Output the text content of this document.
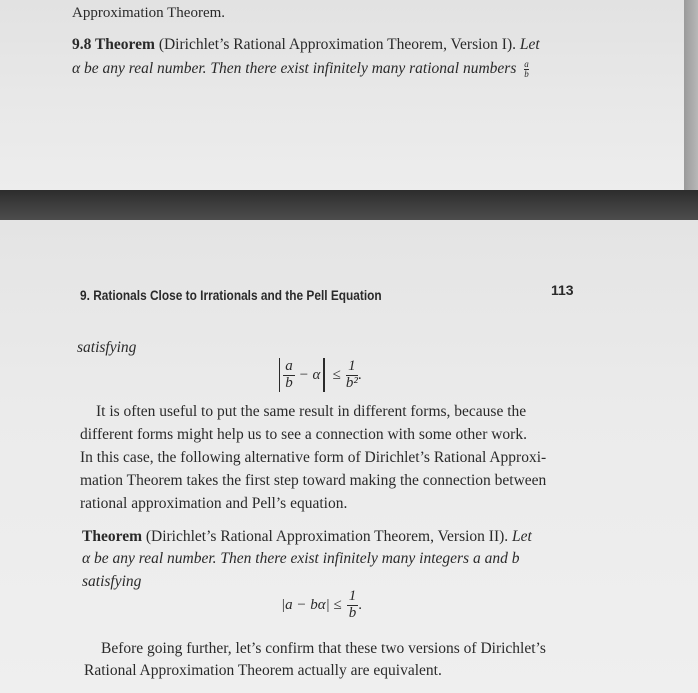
Approximation Theorem.
9.8 Theorem (Dirichlet’s Rational Approximation Theorem, Version I). Let
α be any real number. Then there exist infinitely many rational numbers $\frac{a}{b}$
9. Rationals Close to Irrationals and the Pell Equation	113
satisfying
$\frac{a}{b} - \alpha \le \frac{1}{\text{b²}}$ .
It is often useful to put the same result in different forms, because the
different forms might help us to see a connection with some other work.
In this case, the following alternative form of Dirichlet’s Rational Approxi-
mation Theorem takes the first step toward making the connection between
rational approximation and Pell’s equation.
Theorem (Dirichlet’s Rational Approximation Theorem, Version II). Let
α be any real number. Then there exist infinitely many integers a and b
satisfying
$|a - b\alpha| \le \frac{1}{b}$ .
Before going further, let’s confirm that these two versions of Dirichlet’s
Rational Approximation Theorem actually are equivalent.
